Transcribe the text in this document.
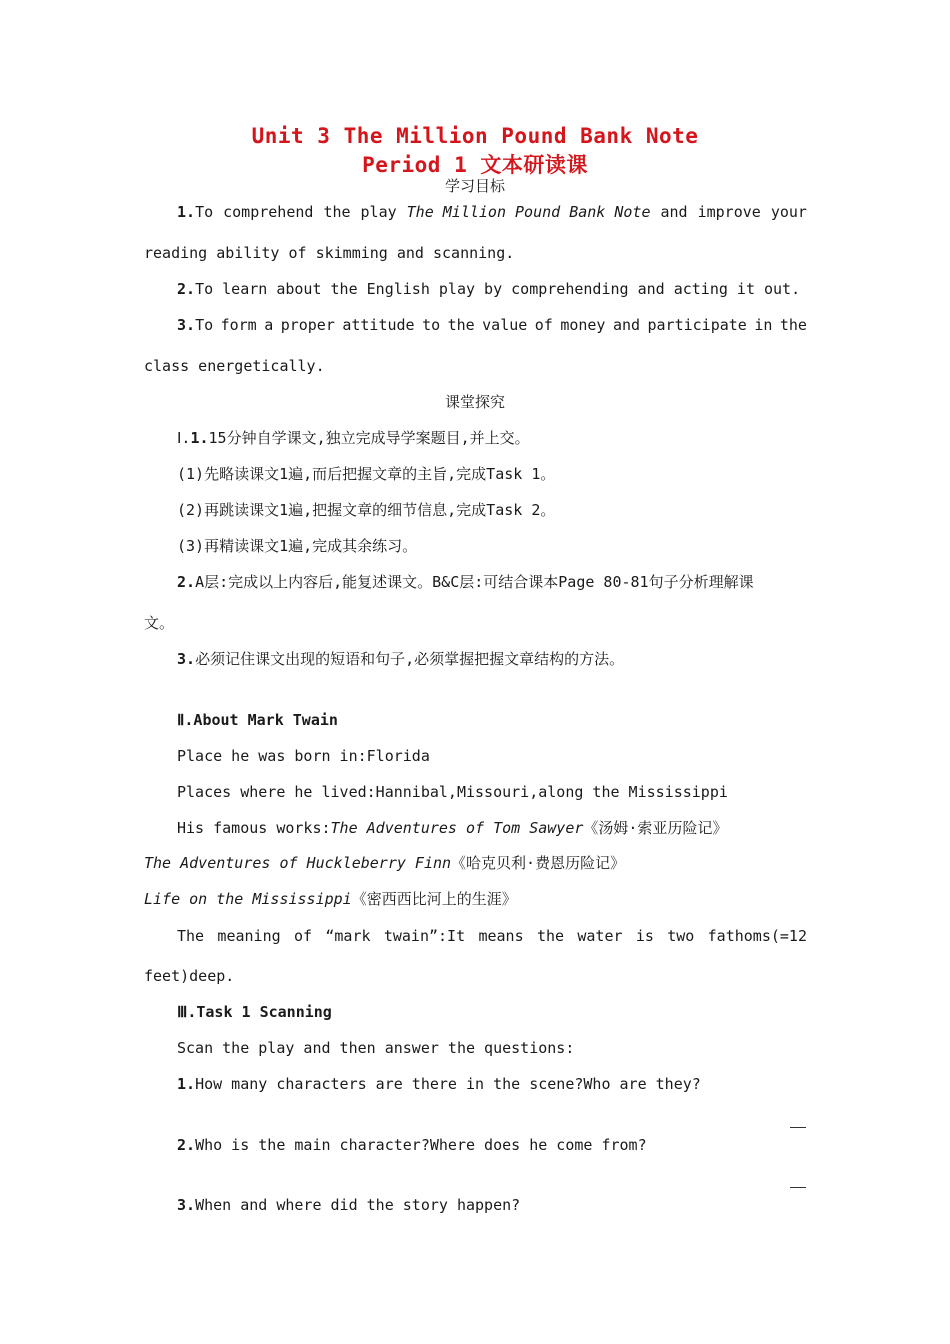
Unit 3 The Million Pound Bank Note
Period 1 文本研读课
学习目标
1.To comprehend the play The Million Pound Bank Note and improve your
reading ability of skimming and scanning.
2.To learn about the English play by comprehending and acting it out.
3.To form a proper attitude to the value of money and participate in the
class energetically.
课堂探究
Ⅰ.1.15分钟自学课文,独立完成导学案题目,并上交。
(1)先略读课文1遍,而后把握文章的主旨,完成Task 1。
(2)再跳读课文1遍,把握文章的细节信息,完成Task 2。
(3)再精读课文1遍,完成其余练习。
2.A层:完成以上内容后,能复述课文。B&C层:可结合课本Page 80-81句子分析理解课
文。
3.必须记住课文出现的短语和句子,必须掌握把握文章结构的方法。
Ⅱ.About Mark Twain
Place he was born in:Florida
Places where he lived:Hannibal,Missouri,along the Mississippi
His famous works:The Adventures of Tom Sawyer《汤姆·索亚历险记》
The Adventures of Huckleberry Finn《哈克贝利·费恩历险记》
Life on the Mississippi《密西西比河上的生涯》
The meaning of “mark twain”:It means the water is two fathoms(=12
feet)deep.
Ⅲ.Task 1 Scanning
Scan the play and then answer the questions:
1.How many characters are there in the scene?Who are they?
2.Who is the main character?Where does he come from?
3.When and where did the story happen?
